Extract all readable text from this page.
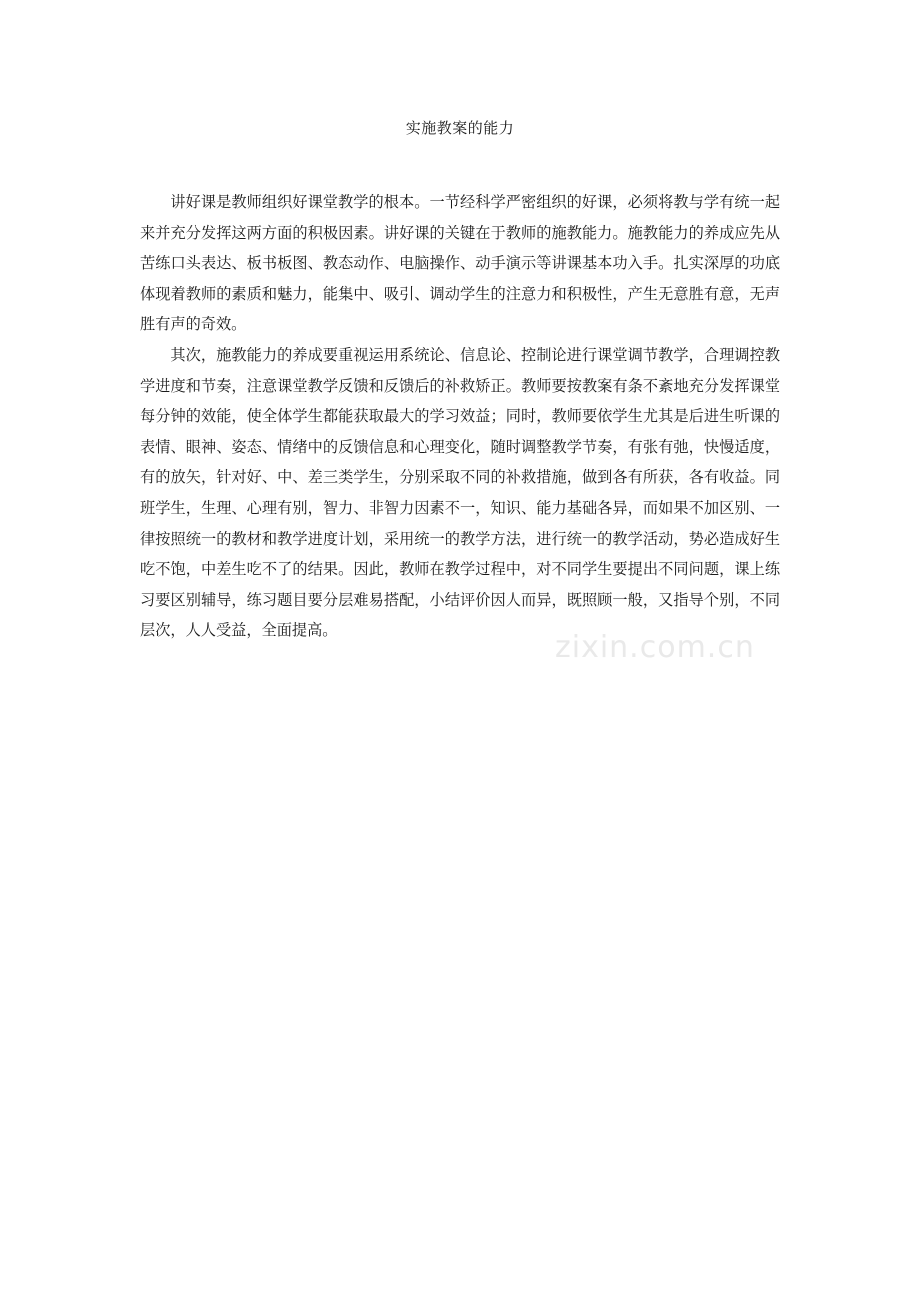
实施教案的能力

讲好课是教师组织好课堂教学的根本。一节经科学严密组织的好课，必须将教与学有统一起来并充分发挥这两方面的积极因素。讲好课的关键在于教师的施教能力。施教能力的养成应先从苦练口头表达、板书板图、教态动作、电脑操作、动手演示等讲课基本功入手。扎实深厚的功底体现着教师的素质和魅力，能集中、吸引、调动学生的注意力和积极性，产生无意胜有意，无声胜有声的奇效。

其次，施教能力的养成要重视运用系统论、信息论、控制论进行课堂调节教学，合理调控教学进度和节奏，注意课堂教学反馈和反馈后的补救矫正。教师要按教案有条不紊地充分发挥课堂每分钟的效能，使全体学生都能获取最大的学习效益；同时，教师要依学生尤其是后进生听课的表情、眼神、姿态、情绪中的反馈信息和心理变化，随时调整教学节奏，有张有弛，快慢适度，有的放矢，针对好、中、差三类学生，分别采取不同的补救措施，做到各有所获，各有收益。同班学生，生理、心理有别，智力、非智力因素不一，知识、能力基础各异，而如果不加区别、一律按照统一的教材和教学进度计划，采用统一的教学方法，进行统一的教学活动，势必造成好生吃不饱，中差生吃不了的结果。因此，教师在教学过程中，对不同学生要提出不同问题，课上练习要区别辅导，练习题目要分层难易搭配，小结评价因人而异，既照顾一般，又指导个别，不同层次，人人受益，全面提高。	zixin.com.cn
